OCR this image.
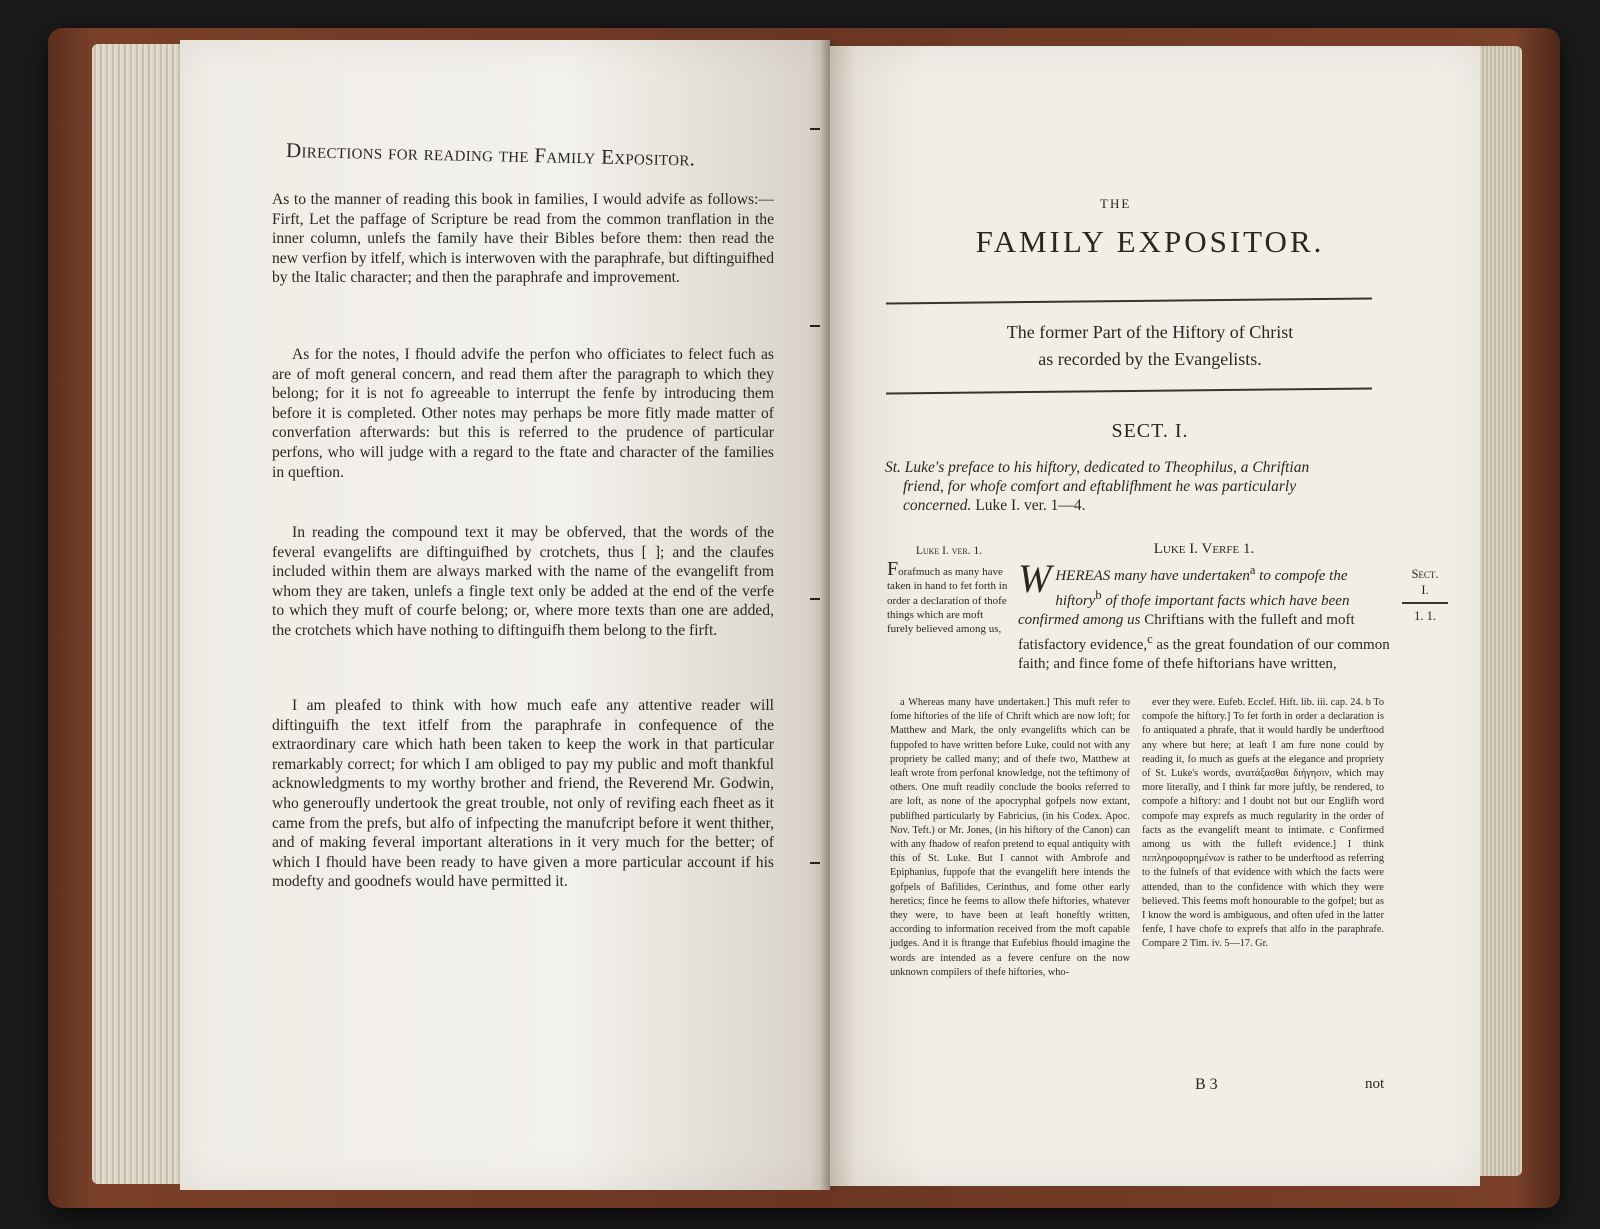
Directions for reading the Family Expositor.

As to the manner of reading this book in families, I would advife as follows:—Firft, Let the paffage of Scripture be read from the common tranflation in the inner column, unlefs the family have their Bibles before them: then read the new verfion by itfelf, which is interwoven with the paraphrafe, but diftinguifhed by the Italic character; and then the paraphrafe and improvement.

As for the notes, I fhould advife the perfon who officiates to felect fuch as are of moft general concern, and read them after the paragraph to which they belong; for it is not fo agreeable to interrupt the fenfe by introducing them before it is completed. Other notes may perhaps be more fitly made matter of converfation afterwards: but this is referred to the prudence of particular perfons, who will judge with a regard to the ftate and character of the families in queftion.

In reading the compound text it may be obferved, that the words of the feveral evangelifts are diftinguifhed by crotchets, thus [ ]; and the claufes included within them are always marked with the name of the evangelift from whom they are taken, unlefs a fingle text only be added at the end of the verfe to which they muft of courfe belong; or, where more texts than one are added, the crotchets which have nothing to diftinguifh them belong to the firft.

I am pleafed to think with how much eafe any attentive reader will diftinguifh the text itfelf from the paraphrafe in confequence of the extraordinary care which hath been taken to keep the work in that particular remarkably correct; for which I am obliged to pay my public and moft thankful acknowledgments to my worthy brother and friend, the Reverend Mr. Godwin, who generoufly undertook the great trouble, not only of revifing each fheet as it came from the prefs, but alfo of infpecting the manufcript before it went thither, and of making feveral important alterations in it very much for the better; of which I fhould have been ready to have given a more particular account if his modefty and goodnefs would have permitted it.

THE
FAMILY EXPOSITOR.
The former Part of the Hiftory of Christ
as recorded by the Evangelists.
SECT. I.
St. Luke's preface to his hiftory, dedicated to Theophilus, a Chriftian
friend, for whofe comfort and eftablifhment he was particularly
concerned. Luke I. ver. 1—4.
Luke I. ver. 1.
Forafmuch as many have taken in hand to fet forth in order a declaration of thofe things which are moft furely believed among us,
Luke I. Verfe 1.
W HEREAS many have undertaken$^a$ to compofe the hiftory$^b$ of thofe important facts which have been confirmed among us Chriftians with the fulleft and moft fatisfactory evidence,$^c$ as the great foundation of our common faith; and fince fome of thefe hiftorians have written,
Sect.
I.
1. 1.

a Whereas many have undertaken.] This muft refer to fome hiftories of the life of Chrift which are now loft; for Matthew and Mark, the only evangelifts which can be fuppofed to have written before Luke, could not with any propriety be called many; and of thefe two, Matthew at leaft wrote from perfonal knowledge, not the teftimony of others. One muft readily conclude the books referred to are loft, as none of the apocryphal gofpels now extant, publifhed particularly by Fabricius, (in his Codex. Apoc. Nov. Teft.) or Mr. Jones, (in his hiftory of the Canon) can with any fhadow of reafon pretend to equal antiquity with this of St. Luke. But I cannot with Ambrofe and Epiphanius, fuppofe that the evangelift here intends the gofpels of Bafilides, Cerinthus, and fome other early heretics; fince he feems to allow thefe hiftories, whatever they were, to have been at leaft honeftly written, according to information received from the moft capable judges. And it is ftrange that Eufebius fhould imagine the words are intended as a fevere cenfure on the now unknown compilers of thefe hiftories, who-

ever they were. Eufeb. Ecclef. Hift. lib. iii. cap. 24. b To compofe the hiftory.] To fet forth in order a declaration is fo antiquated a phrafe, that it would hardly be underftood any where but here; at leaft I am fure none could by reading it, fo much as guefs at the elegance and propriety of St. Luke's words, ανατάξασθαι διήγησιν, which may more literally, and I think far more juftly, be rendered, to compofe a hiftory: and I doubt not but our Englifh word compofe may exprefs as much regularity in the order of facts as the evangelift meant to intimate. c Confirmed among us with the fulleft evidence.] I think πεπληροφορημένων is rather to be underftood as referring to the fulnefs of that evidence with which the facts were attended, than to the confidence with which they were believed. This feems moft honourable to the gofpel; but as I know the word is ambiguous, and often ufed in the latter fenfe, I have chofe to exprefs that alfo in the paraphrafe. Compare 2 Tim. iv. 5—17. Gr.

B 3	not
